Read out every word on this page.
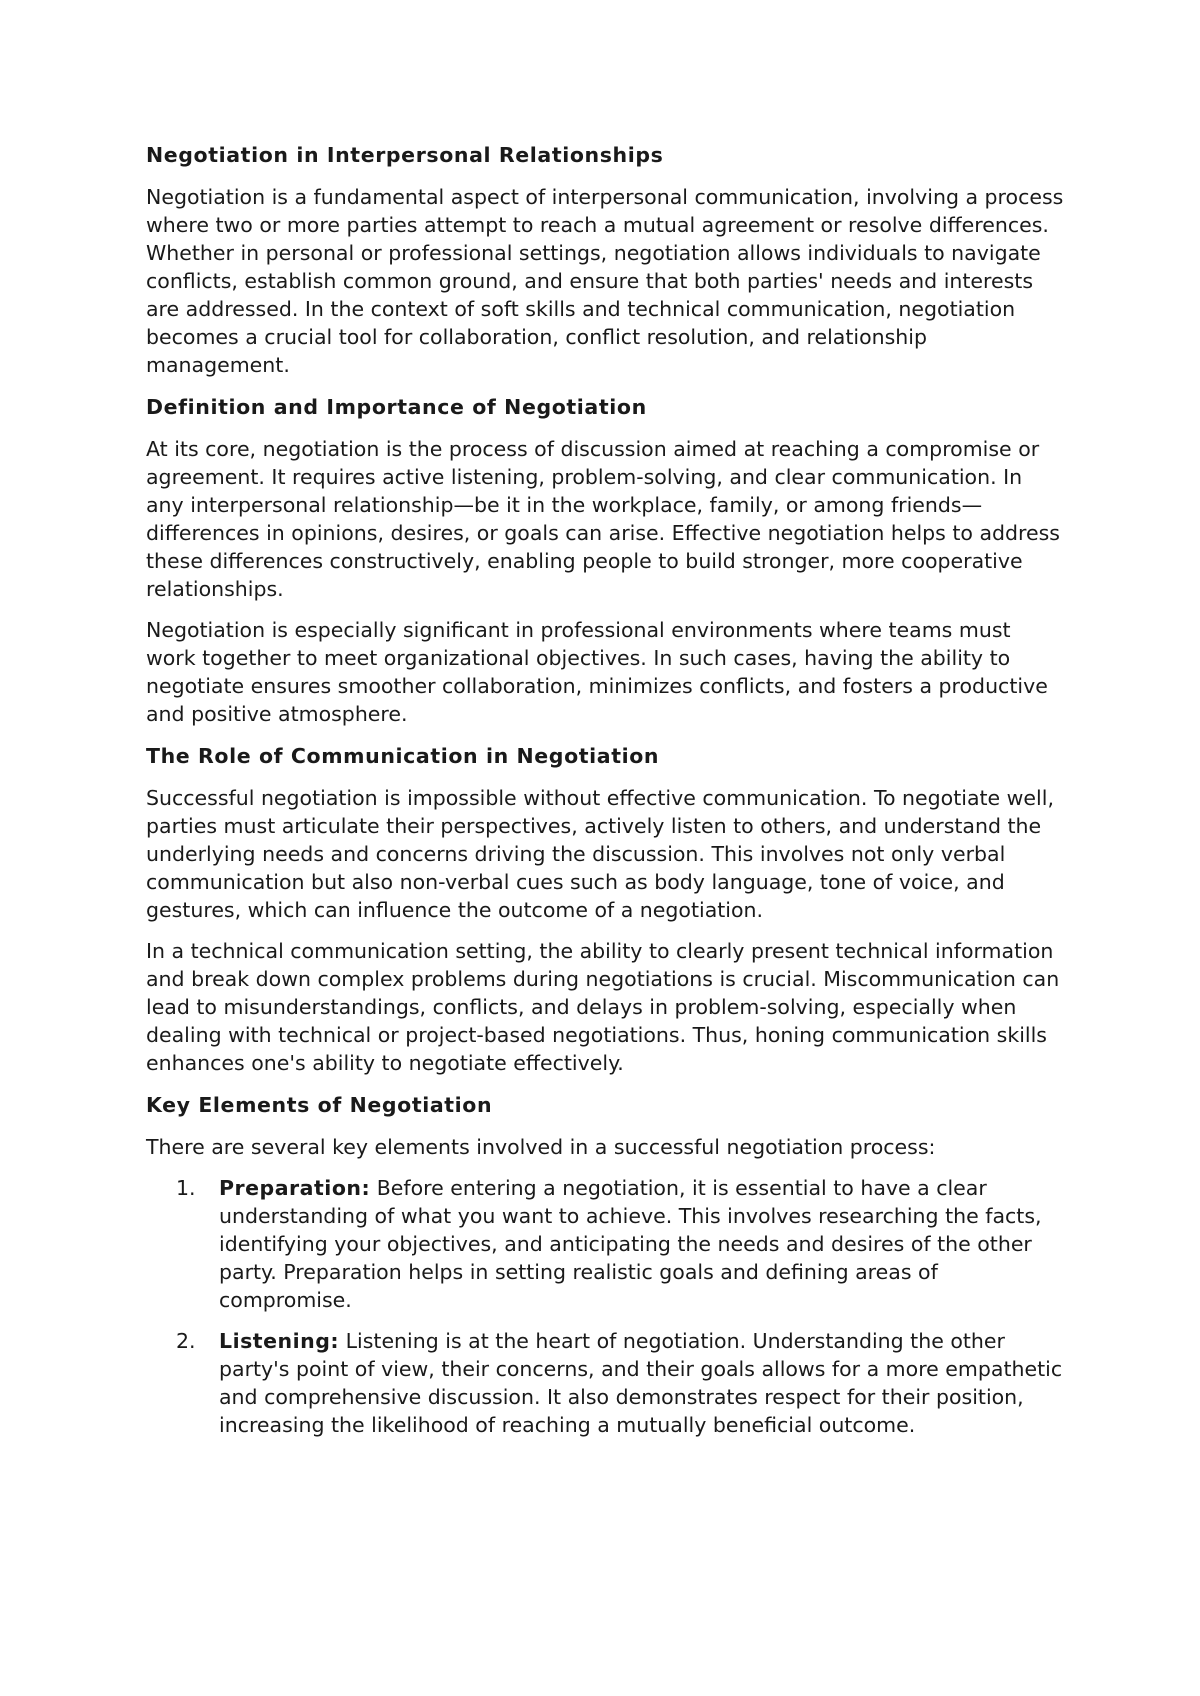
Negotiation in Interpersonal Relationships

Negotiation is a fundamental aspect of interpersonal communication, involving a process where two or more parties attempt to reach a mutual agreement or resolve differences. Whether in personal or professional settings, negotiation allows individuals to navigate conflicts, establish common ground, and ensure that both parties' needs and interests are addressed. In the context of soft skills and technical communication, negotiation becomes a crucial tool for collaboration, conflict resolution, and relationship management.

Definition and Importance of Negotiation

At its core, negotiation is the process of discussion aimed at reaching a compromise or agreement. It requires active listening, problem-solving, and clear communication. In any interpersonal relationship—be it in the workplace, family, or among friends—differences in opinions, desires, or goals can arise. Effective negotiation helps to address these differences constructively, enabling people to build stronger, more cooperative relationships.

Negotiation is especially significant in professional environments where teams must work together to meet organizational objectives. In such cases, having the ability to negotiate ensures smoother collaboration, minimizes conflicts, and fosters a productive and positive atmosphere.

The Role of Communication in Negotiation

Successful negotiation is impossible without effective communication. To negotiate well, parties must articulate their perspectives, actively listen to others, and understand the underlying needs and concerns driving the discussion. This involves not only verbal communication but also non-verbal cues such as body language, tone of voice, and gestures, which can influence the outcome of a negotiation.

In a technical communication setting, the ability to clearly present technical information and break down complex problems during negotiations is crucial. Miscommunication can lead to misunderstandings, conflicts, and delays in problem-solving, especially when dealing with technical or project-based negotiations. Thus, honing communication skills enhances one's ability to negotiate effectively.

Key Elements of Negotiation

There are several key elements involved in a successful negotiation process:

1. Preparation: Before entering a negotiation, it is essential to have a clear understanding of what you want to achieve. This involves researching the facts, identifying your objectives, and anticipating the needs and desires of the other party. Preparation helps in setting realistic goals and defining areas of compromise.
2. Listening: Listening is at the heart of negotiation. Understanding the other party's point of view, their concerns, and their goals allows for a more empathetic and comprehensive discussion. It also demonstrates respect for their position, increasing the likelihood of reaching a mutually beneficial outcome.
